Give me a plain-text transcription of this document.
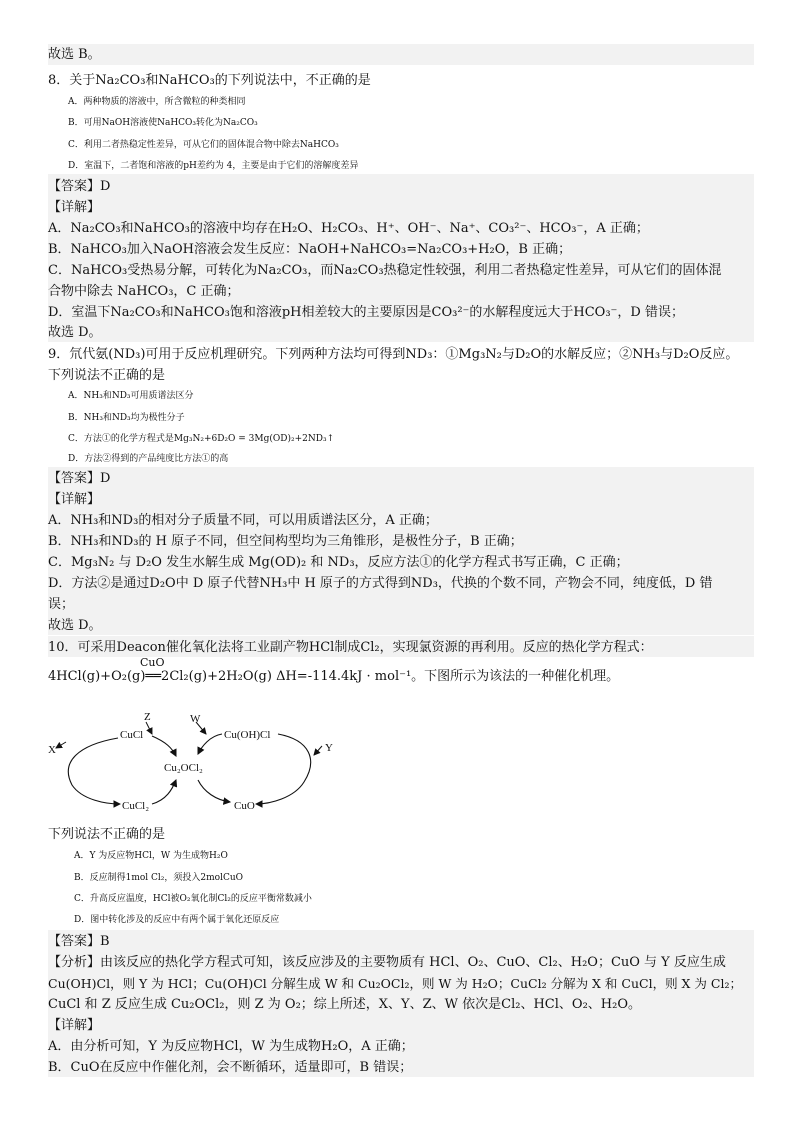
故选 B。
8．关于Na₂CO₃和NaHCO₃的下列说法中，不正确的是
A．两种物质的溶液中，所含微粒的种类相同
B．可用NaOH溶液使NaHCO₃转化为Na₂CO₃
C．利用二者热稳定性差异，可从它们的固体混合物中除去NaHCO₃
D．室温下，二者饱和溶液的pH差约为 4，主要是由于它们的溶解度差异
【答案】D
【详解】
A．Na₂CO₃和NaHCO₃的溶液中均存在H₂O、H₂CO₃、H⁺、OH⁻、Na⁺、CO₃²⁻、HCO₃⁻，A 正确；
B．NaHCO₃加入NaOH溶液会发生反应：NaOH+NaHCO₃=Na₂CO₃+H₂O，B 正确；
C．NaHCO₃受热易分解，可转化为Na₂CO₃，而Na₂CO₃热稳定性较强，利用二者热稳定性差异，可从它们的固体混
合物中除去 NaHCO₃，C 正确；
D．室温下Na₂CO₃和NaHCO₃饱和溶液pH相差较大的主要原因是CO₃²⁻的水解程度远大于HCO₃⁻，D 错误；
故选 D。
9．氘代氨(ND₃)可用于反应机理研究。下列两种方法均可得到ND₃：①Mg₃N₂与D₂O的水解反应；②NH₃与D₂O反应。
下列说法不正确的是
A．NH₃和ND₃可用质谱法区分
B．NH₃和ND₃均为极性分子
C．方法①的化学方程式是Mg₃N₂+6D₂O = 3Mg(OD)₂+2ND₃↑
D．方法②得到的产品纯度比方法①的高
【答案】D
【详解】
A．NH₃和ND₃的相对分子质量不同，可以用质谱法区分，A 正确；
B．NH₃和ND₃的 H 原子不同，但空间构型均为三角锥形，是极性分子，B 正确；
C．Mg₃N₂ 与 D₂O 发生水解生成 Mg(OD)₂ 和 ND₃，反应方法①的化学方程式书写正确，C 正确；
D．方法②是通过D₂O中 D 原子代替NH₃中 H 原子的方式得到ND₃，代换的个数不同，产物会不同，纯度低，D 错
误；
故选 D。
10．可采用Deacon催化氧化法将工业副产物HCl制成Cl₂，实现氯资源的再利用。反应的热化学方程式：
4HCl(g)+O₂(g)══2Cl₂(g)+2H₂O(g) ΔH=-114.4kJ · mol⁻¹。下图所示为该法的一种催化机理。
CuO
X	Y
Z	W
CuCl	Cu(OH)Cl
Cu₂OCl₂
CuCl₂	CuO
下列说法不正确的是
A．Y 为反应物HCl，W 为生成物H₂O
B．反应制得1mol Cl₂，须投入2molCuO
C．升高反应温度，HCl被O₂氧化制Cl₂的反应平衡常数减小
D．图中转化涉及的反应中有两个属于氧化还原反应
【答案】B
【分析】由该反应的热化学方程式可知，该反应涉及的主要物质有 HCl、O₂、CuO、Cl₂、H₂O；CuO 与 Y 反应生成
Cu(OH)Cl，则 Y 为 HCl；Cu(OH)Cl 分解生成 W 和 Cu₂OCl₂，则 W 为 H₂O；CuCl₂ 分解为 X 和 CuCl，则 X 为 Cl₂；
CuCl 和 Z 反应生成 Cu₂OCl₂，则 Z 为 O₂；综上所述，X、Y、Z、W 依次是Cl₂、HCl、O₂、H₂O。
【详解】
A．由分析可知，Y 为反应物HCl，W 为生成物H₂O，A 正确；
B．CuO在反应中作催化剂，会不断循环，适量即可，B 错误；
